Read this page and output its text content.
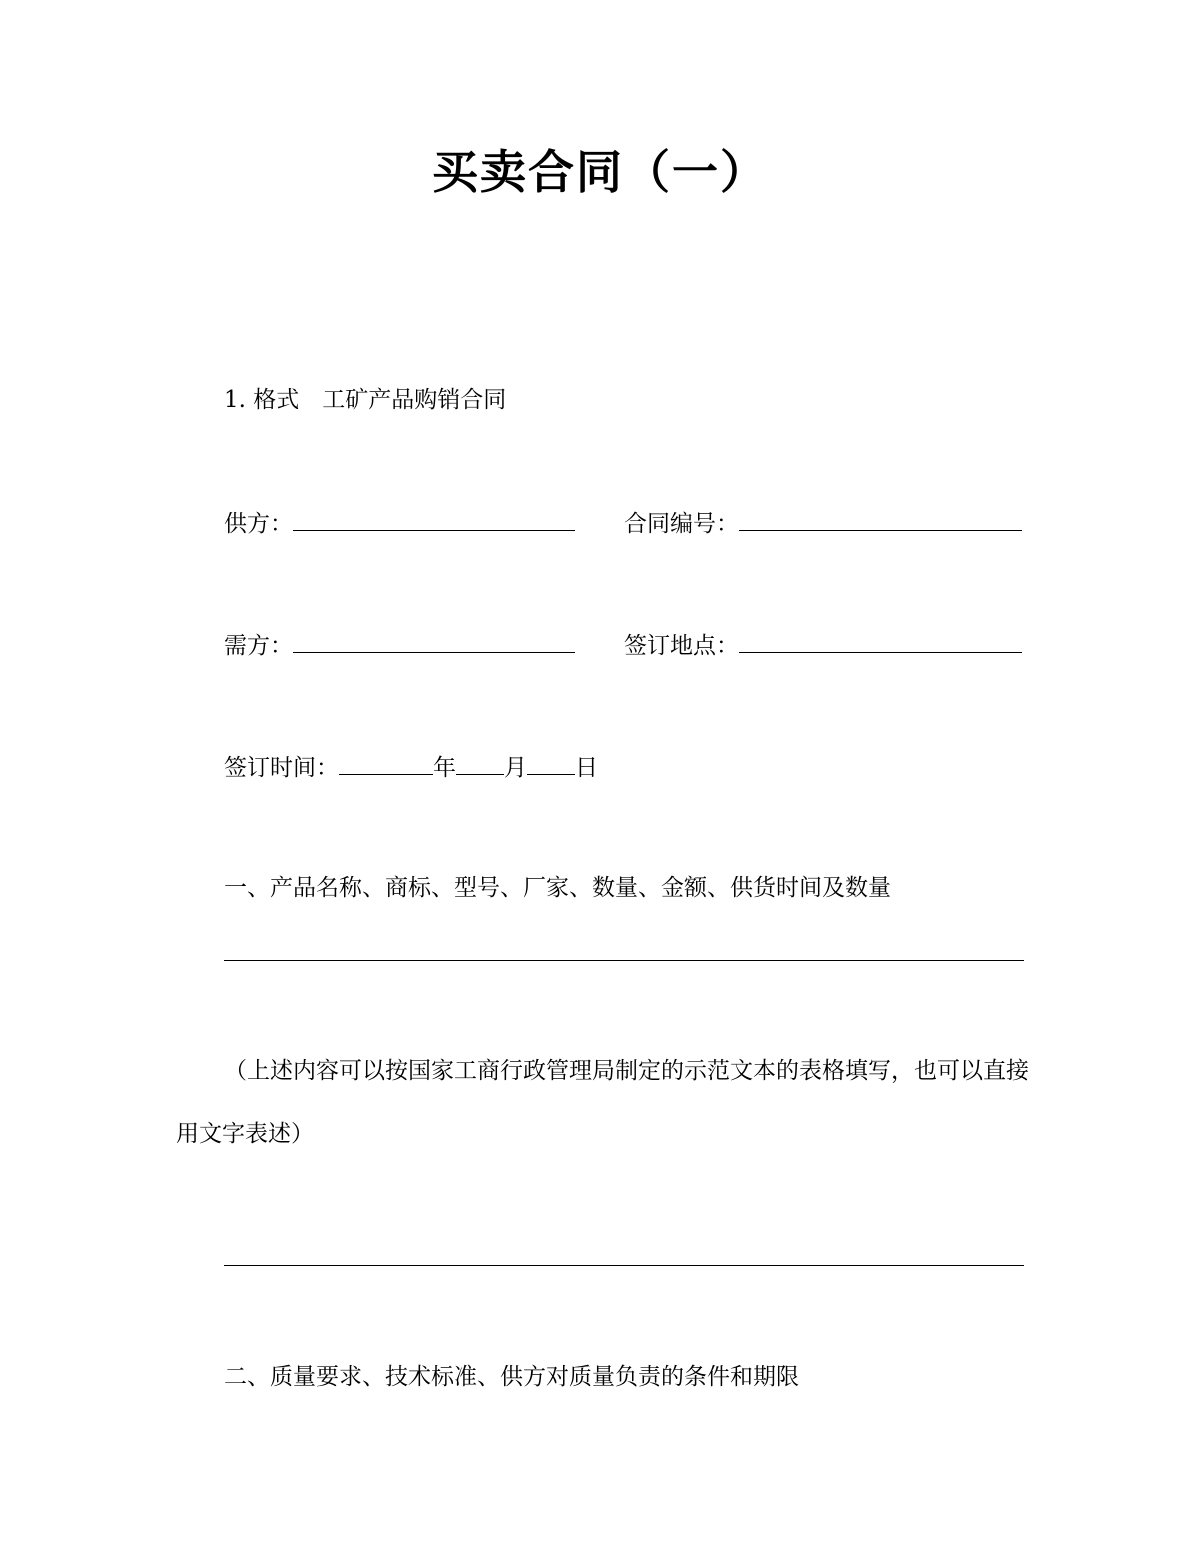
买卖合同（一）
1. 格式　工矿产品购销合同
供方：	合同编号：
需方：	签订地点：
签订时间：	年 月 日
一、产品名称、商标、型号、厂家、数量、金额、供货时间及数量
（上述内容可以按国家工商行政管理局制定的示范文本的表格填写，也可以直接
用文字表述）
二、质量要求、技术标准、供方对质量负责的条件和期限
